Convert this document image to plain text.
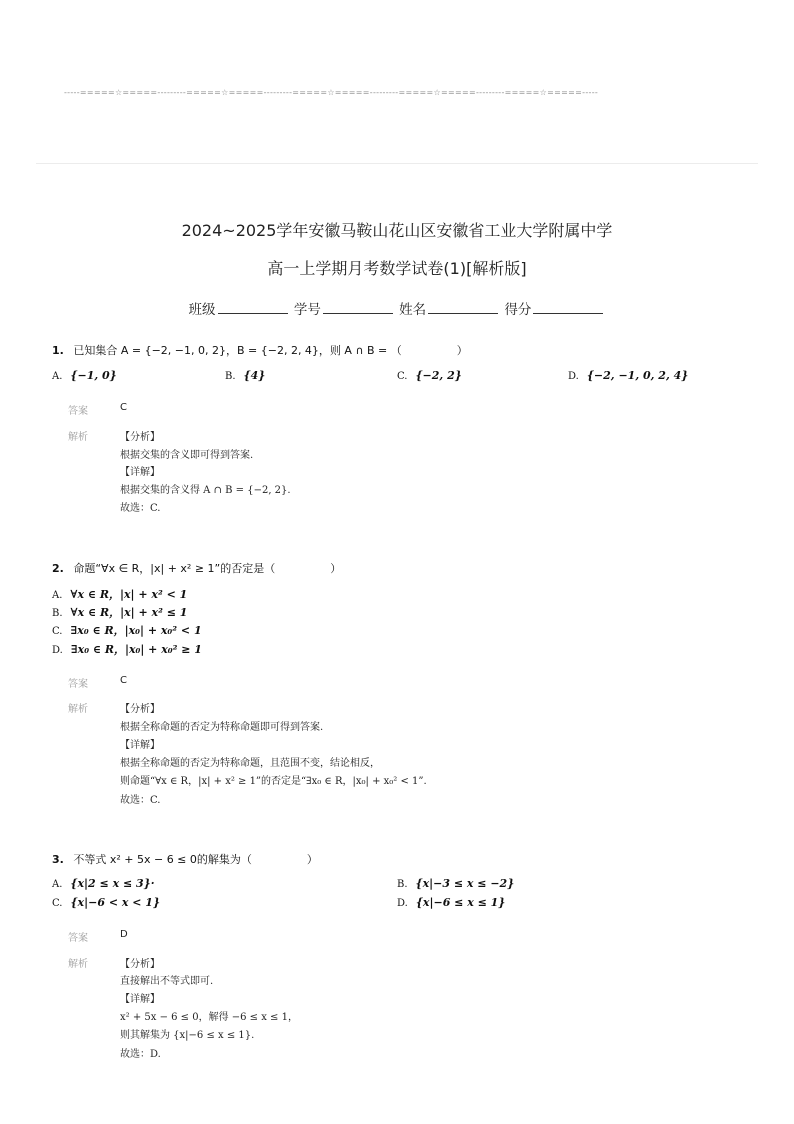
-----=====☆=====---------=====☆=====---------=====☆=====---------=====☆=====---------=====☆=====-----
2024~2025学年安徽马鞍山花山区安徽省工业大学附属中学
高一上学期月考数学试卷(1)[解析版]
班级	学号	姓名	得分
1. 已知集合 A = {−2, −1, 0, 2}，B = {−2, 2, 4}，则 A ∩ B = （　　　　　）
A. {−1, 0}	B. {4}	C. {−2, 2}	D. {−2, −1, 0, 2, 4}
答案	C
解析	【分析】
根据交集的含义即可得到答案.
【详解】
根据交集的含义得 A ∩ B = {−2, 2}.
故选：C.
2. 命题“∀x ∈ R，|x| + x² ≥ 1”的否定是（　　　　　）
A. ∀x ∈ R，|x| + x² < 1
B. ∀x ∈ R，|x| + x² ≤ 1
C. ∃x₀ ∈ R，|x₀| + x₀² < 1
D. ∃x₀ ∈ R，|x₀| + x₀² ≥ 1
答案	C
解析	【分析】
根据全称命题的否定为特称命题即可得到答案.
【详解】
根据全称命题的否定为特称命题，且范围不变，结论相反，
则命题“∀x ∈ R，|x| + x² ≥ 1”的否定是“∃x₀ ∈ R，|x₀| + x₀² < 1”.
故选：C.
3. 不等式 x² + 5x − 6 ≤ 0的解集为（　　　　　）
A. {x|2 ≤ x ≤ 3}·	B. {x|−3 ≤ x ≤ −2}
C. {x|−6 < x < 1}	D. {x|−6 ≤ x ≤ 1}
答案	D
解析	【分析】
直接解出不等式即可.
【详解】
x² + 5x − 6 ≤ 0，解得 −6 ≤ x ≤ 1，
则其解集为 {x|−6 ≤ x ≤ 1}.
故选：D.
